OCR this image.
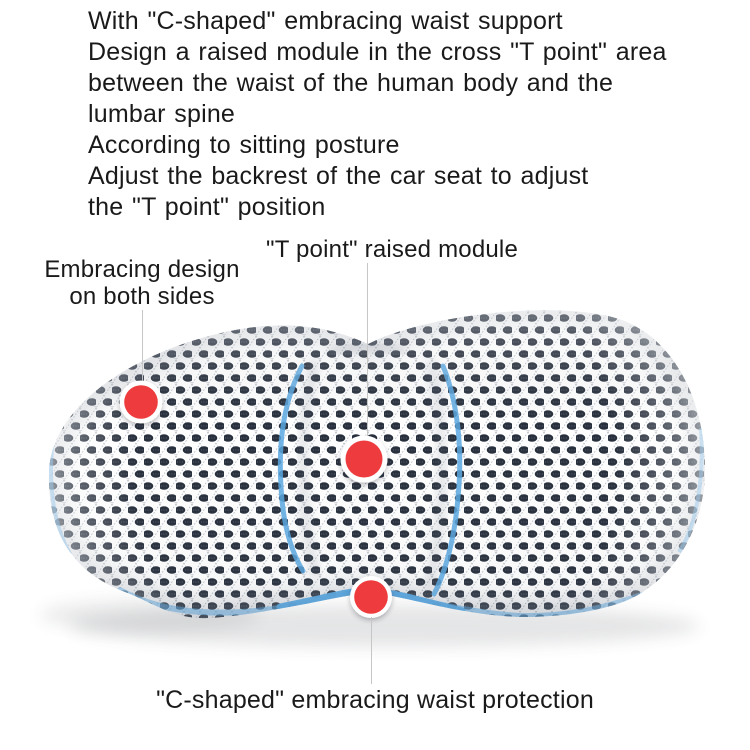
With "C-shaped" embracing waist support
Design a raised module in the cross "T point" area
between the waist of the human body and the
lumbar spine
According to sitting posture
Adjust the backrest of the car seat to adjust
the "T point" position
"T point" raised module
Embracing design
on both sides
"C-shaped" embracing waist protection
